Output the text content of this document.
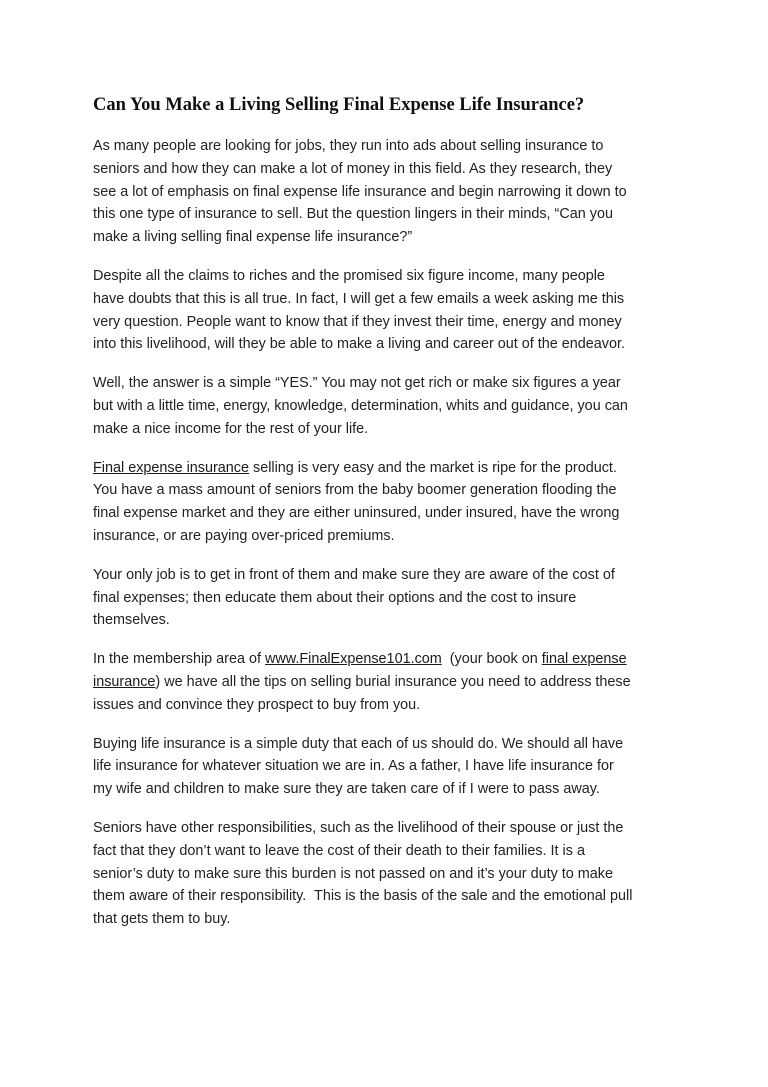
Can You Make a Living Selling Final Expense Life Insurance?

As many people are looking for jobs, they run into ads about selling insurance to
seniors and how they can make a lot of money in this field. As they research, they
see a lot of emphasis on final expense life insurance and begin narrowing it down to
this one type of insurance to sell. But the question lingers in their minds, “Can you
make a living selling final expense life insurance?”

Despite all the claims to riches and the promised six figure income, many people
have doubts that this is all true. In fact, I will get a few emails a week asking me this
very question. People want to know that if they invest their time, energy and money
into this livelihood, will they be able to make a living and career out of the endeavor.

Well, the answer is a simple “YES.” You may not get rich or make six figures a year
but with a little time, energy, knowledge, determination, whits and guidance, you can
make a nice income for the rest of your life.

Final expense insurance selling is very easy and the market is ripe for the product.
You have a mass amount of seniors from the baby boomer generation flooding the
final expense market and they are either uninsured, under insured, have the wrong
insurance, or are paying over-priced premiums.

Your only job is to get in front of them and make sure they are aware of the cost of
final expenses; then educate them about their options and the cost to insure
themselves.

In the membership area of www.FinalExpense101.com  (your book on final expense
insurance) we have all the tips on selling burial insurance you need to address these
issues and convince they prospect to buy from you.

Buying life insurance is a simple duty that each of us should do. We should all have
life insurance for whatever situation we are in. As a father, I have life insurance for
my wife and children to make sure they are taken care of if I were to pass away.

Seniors have other responsibilities, such as the livelihood of their spouse or just the
fact that they don’t want to leave the cost of their death to their families. It is a
senior’s duty to make sure this burden is not passed on and it’s your duty to make
them aware of their responsibility.  This is the basis of the sale and the emotional pull
that gets them to buy.
